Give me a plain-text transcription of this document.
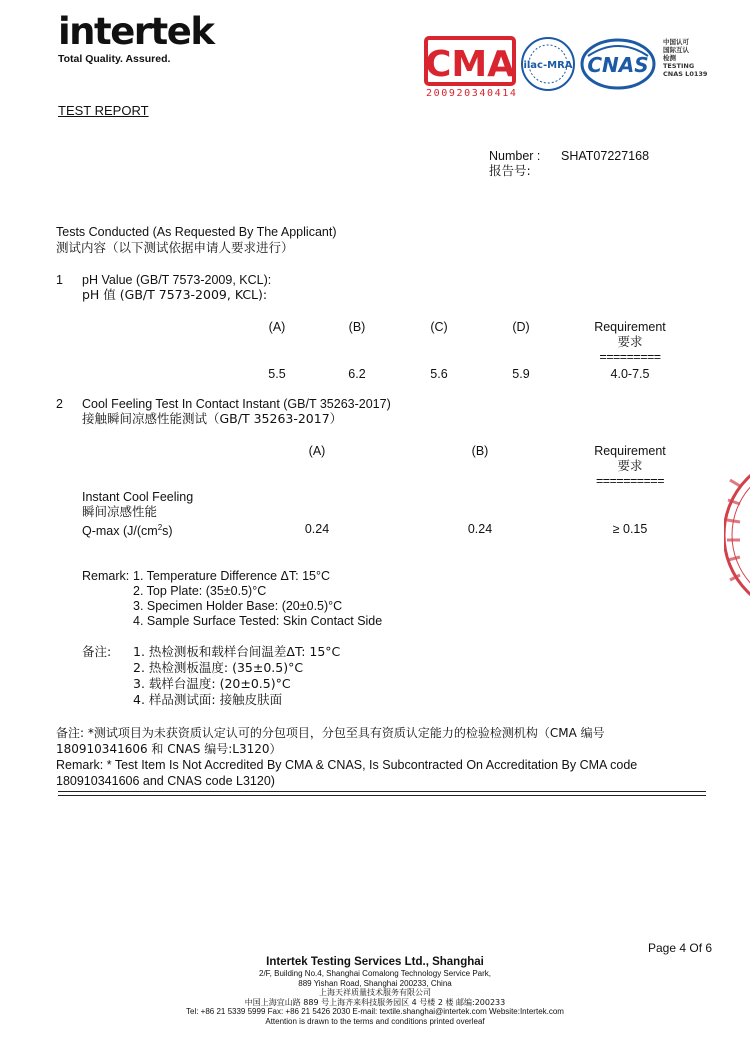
intertek
Total Quality. Assured.	CMA ilac-MRA CNAS
200920340414
中国认可
国际互认
检测
TESTING
CNAS L0139
TEST REPORT
Number :
报告号:
SHAT07227168
Tests Conducted (As Requested By The Applicant)
测试内容（以下测试依据申请人要求进行）
1 pH Value (GB/T 7573-2009, KCL):
pH 值 (GB/T 7573-2009, KCL):
(A)	(B)	(C)	(D)	Requirement
要求
=========
5.5	6.2	5.6	5.9	4.0-7.5
2 Cool Feeling Test In Contact Instant (GB/T 35263-2017)
接触瞬间凉感性能测试（GB/T 35263-2017）
(A)	(B)	Requirement
要求
==========
Instant Cool Feeling
瞬间凉感性能
Q-max ($J/(cm^2s)$	0.24	0.24	≥ 0.15
Remark: 1. Temperature Difference ΔT: 15°C
2. Top Plate: (35±0.5)°C
3. Specimen Holder Base: (20±0.5)°C
4. Sample Surface Tested: Skin Contact Side
备注: 1. 热检测板和载样台间温差ΔT: 15°C
2. 热检测板温度: (35±0.5)°C
3. 载样台温度: (20±0.5)°C
4. 样品测试面: 接触皮肤面
备注: *测试项目为未获资质认定认可的分包项目，分包至具有资质认定能力的检验检测机构（CMA 编号
180910341606 和 CNAS 编号:L3120）
Remark: * Test Item Is Not Accredited By CMA & CNAS, Is Subcontracted On Accreditation By CMA code
180910341606 and CNAS code L3120)
Page 4 Of 6
Intertek Testing Services Ltd., Shanghai
2/F, Building No.4, Shanghai Comalong Technology Service Park,
889 Yishan Road, Shanghai 200233, China
上海天祥质量技术服务有限公司
中国上海宜山路 889 号上海齐来科技服务园区 4 号楼 2 楼 邮编:200233
Tel: +86 21 5339 5999 Fax: +86 21 5426 2030 E-mail: textile.shanghai@intertek.com Website:Intertek.com
Attention is drawn to the terms and conditions printed overleaf
